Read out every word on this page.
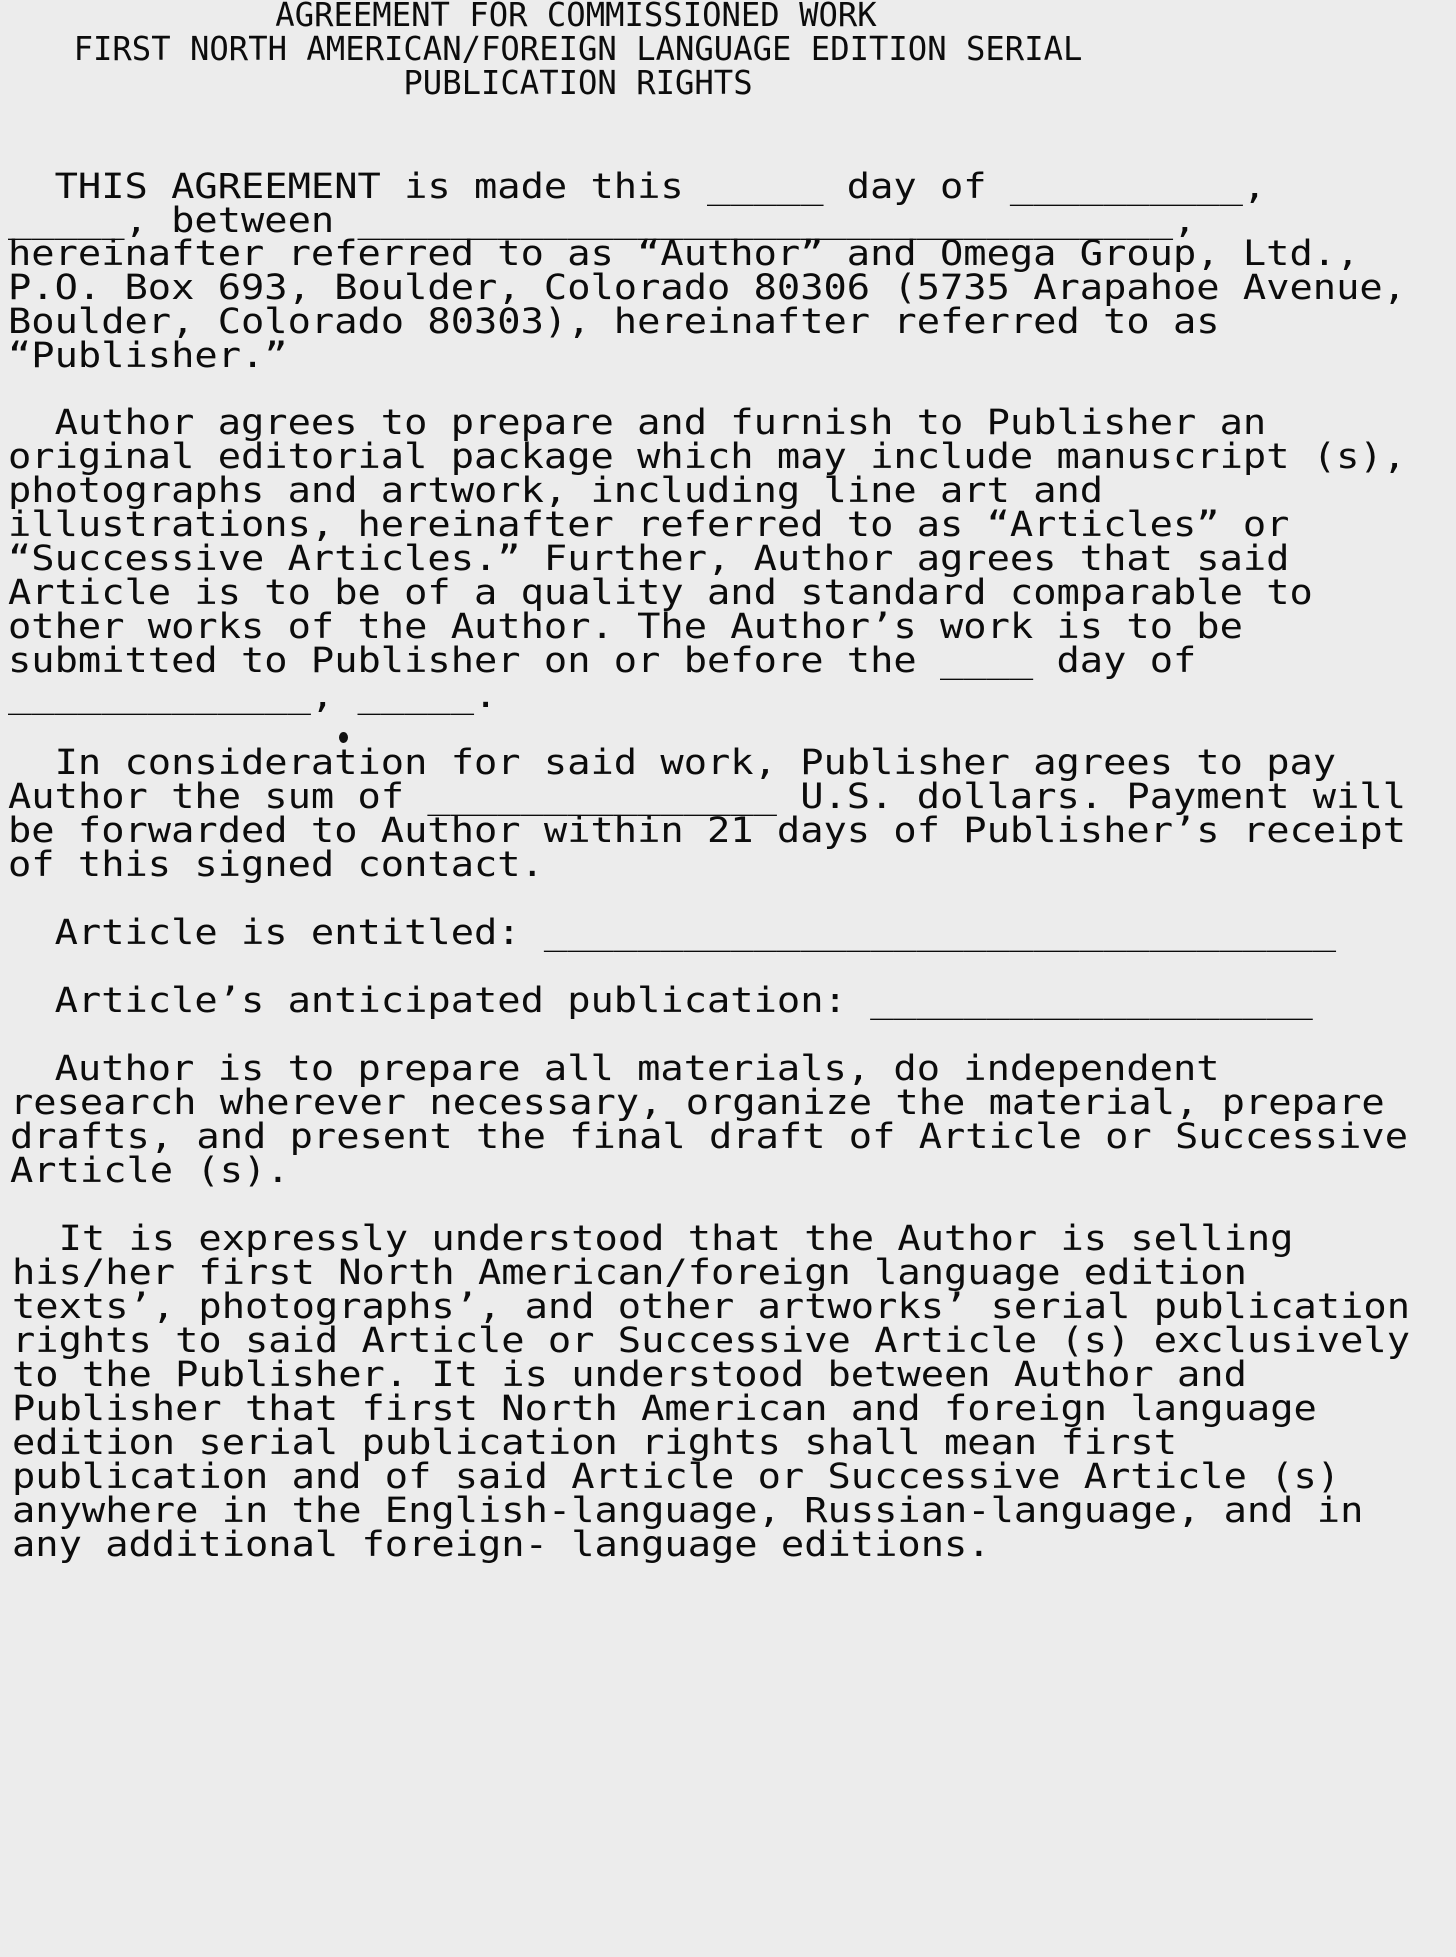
AGREEMENT FOR COMMISSIONED WORK
FIRST NORTH AMERICAN/FOREIGN LANGUAGE EDITION SERIAL
PUBLICATION RIGHTS
THIS AGREEMENT is made this _____ day of __________,
_____, between ___________________________________,
hereinafter referred to as “Author” and Omega Group, Ltd.,
P.O. Box 693, Boulder, Colorado 80306 (5735 Arapahoe Avenue,
Boulder, Colorado 80303), hereinafter referred to as
“Publisher.”
Author agrees to prepare and furnish to Publisher an
original editorial package which may include manuscript (s),
photographs and artwork, including line art and
illustrations, hereinafter referred to as “Articles” or
“Successive Articles.” Further, Author agrees that said
Article is to be of a quality and standard comparable to
other works of the Author. The Author’s work is to be
submitted to Publisher on or before the ____ day of
_____________, _____.
In consideration for said work, Publisher agrees to pay
Author the sum of _______________ U.S. dollars. Payment will
be forwarded to Author within 21 days of Publisher’s receipt
of this signed contact.
Article is entitled: __________________________________
Article’s anticipated publication: ___________________
Author is to prepare all materials, do independent
research wherever necessary, organize the material, prepare
drafts, and present the final draft of Article or Successive
Article (s).
It is expressly understood that the Author is selling
his/her first North American/foreign language edition
texts’, photographs’, and other artworks’ serial publication
rights to said Article or Successive Article (s) exclusively
to the Publisher. It is understood between Author and
Publisher that first North American and foreign language
edition serial publication rights shall mean first
publication and of said Article or Successive Article (s)
anywhere in the English-language, Russian-language, and in
any additional foreign- language editions.
